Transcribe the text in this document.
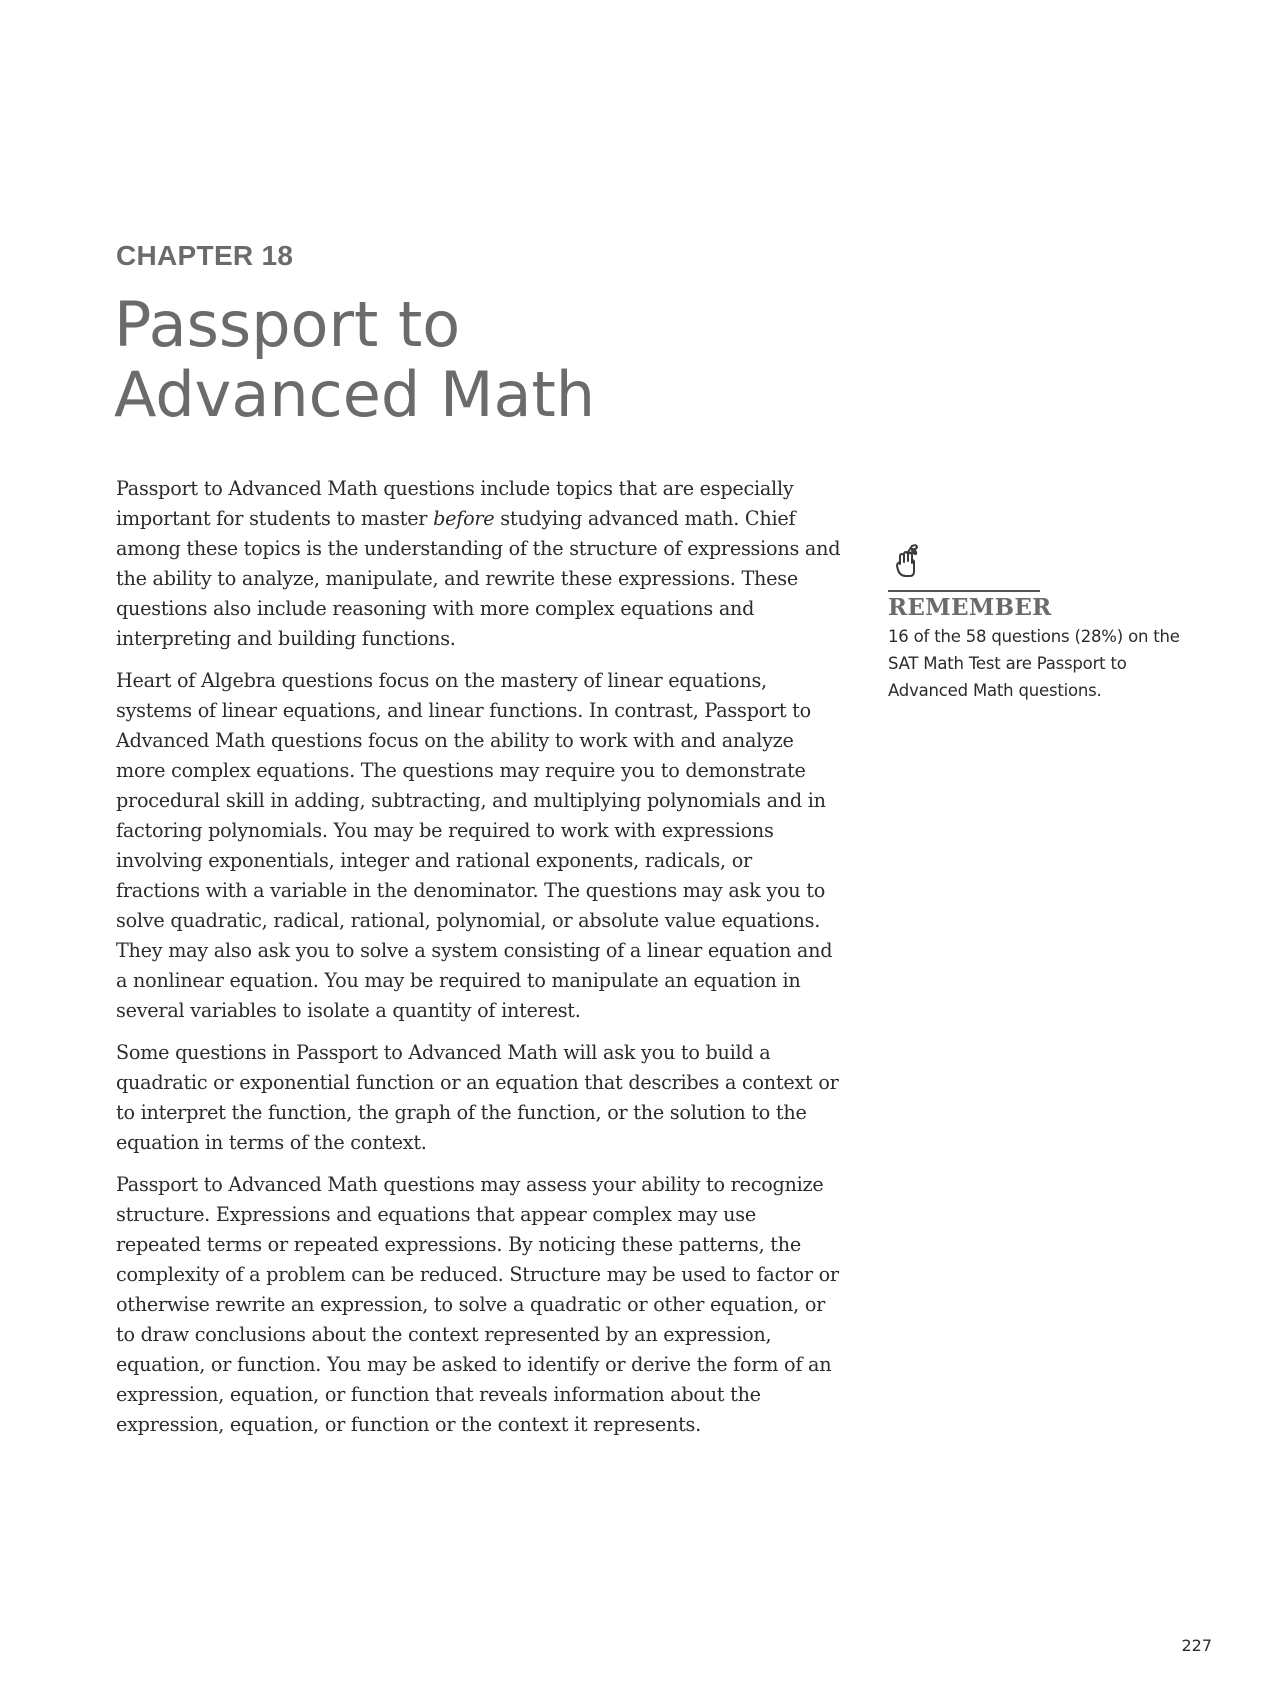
CHAPTER 18
Passport to
Advanced Math

Passport to Advanced Math questions include topics that are especially important for students to master before studying advanced math. Chief among these topics is the understanding of the structure of expressions and the ability to analyze, manipulate, and rewrite these expressions. These questions also include reasoning with more complex equations and interpreting and building functions.

Heart of Algebra questions focus on the mastery of linear equations, systems of linear equations, and linear functions. In contrast, Passport to Advanced Math questions focus on the ability to work with and analyze more complex equations. The questions may require you to demonstrate procedural skill in adding, subtracting, and multiplying polynomials and in factoring polynomials. You may be required to work with expressions involving exponentials, integer and rational exponents, radicals, or fractions with a variable in the denominator. The questions may ask you to solve quadratic, radical, rational, polynomial, or absolute value equations. They may also ask you to solve a system consisting of a linear equation and a nonlinear equation. You may be required to manipulate an equation in several variables to isolate a quantity of interest.

Some questions in Passport to Advanced Math will ask you to build a quadratic or exponential function or an equation that describes a context or to interpret the function, the graph of the function, or the solution to the equation in terms of the context.

Passport to Advanced Math questions may assess your ability to recognize structure. Expressions and equations that appear complex may use repeated terms or repeated expressions. By noticing these patterns, the complexity of a problem can be reduced. Structure may be used to factor or otherwise rewrite an expression, to solve a quadratic or other equation, or to draw conclusions about the context represented by an expression, equation, or function. You may be asked to identify or derive the form of an expression, equation, or function that reveals information about the expression, equation, or function or the context it represents.

REMEMBER
16 of the 58 questions (28%) on the SAT Math Test are Passport to Advanced Math questions.
227
